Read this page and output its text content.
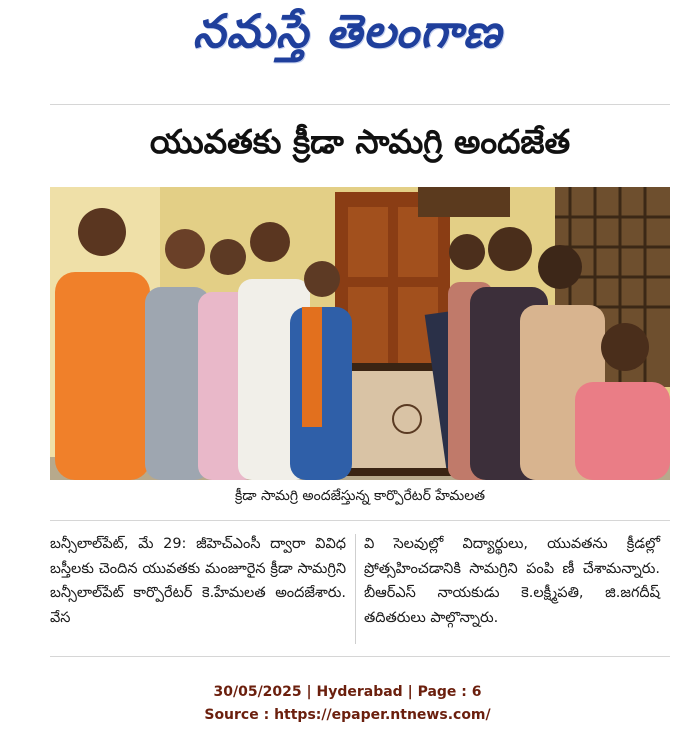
నమస్తే తెలంగాణ
యువతకు క్రీడా సామగ్రి అందజేత
క్రీడా సామగ్రి అందజేస్తున్న కార్పొరేటర్ హేమలత
బన్సీలాల్‌పేట్, మే 29: జీహెచ్ఎంసీ ద్వారా వివిధ బస్తీలకు చెందిన యువతకు మంజూరైన క్రీడా సామగ్రిని బన్సీలాల్‌పేట్ కార్పొరేటర్ కె.హేమలత అందజేశారు. వేస
వి సెలవుల్లో విద్యార్థులు, యువతను క్రీడల్లో ప్రోత్సహించడానికి సామగ్రిని పంపి ణీ చేశామన్నారు. బీఆర్ఎస్ నాయకుడు కె.లక్ష్మీపతి, జి.జగదీష్ తదితరులు పాల్గొన్నారు.
30/05/2025 | Hyderabad | Page : 6
Source : https://epaper.ntnews.com/
